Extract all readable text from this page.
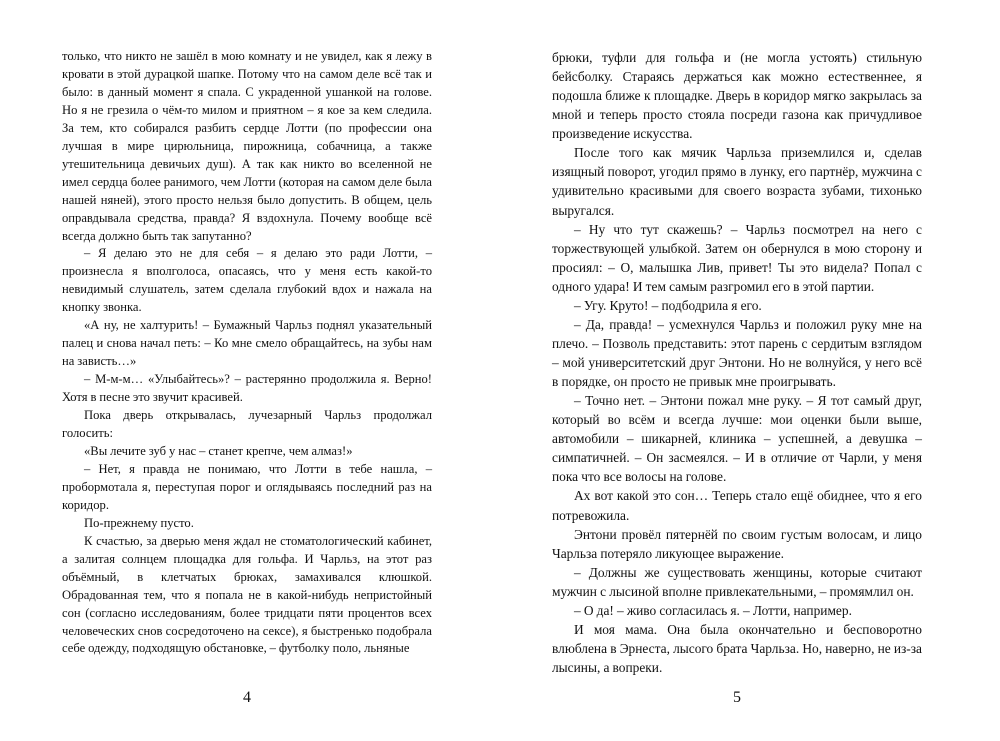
только, что никто не зашёл в мою комнату и не увидел, как я лежу в кровати в этой дурацкой шапке. Потому что на самом деле всё так и было: в данный момент я спала. С украденной ушанкой на голове. Но я не грезила о чём-то милом и приятном – я кое за кем следила. За тем, кто собирался разбить сердце Лотти (по профессии она лучшая в мире цирюльница, пирожница, собачница, а также утешительница девичьих душ). А так как никто во вселенной не имел сердца более ранимого, чем Лотти (которая на самом деле была нашей няней), этого просто нельзя было допустить. В общем, цель оправдывала средства, правда? Я вздохнула. Почему вообще всё всегда должно быть так запутанно?

– Я делаю это не для себя – я делаю это ради Лотти, – произнесла я вполголоса, опасаясь, что у меня есть какой-то невидимый слушатель, затем сделала глубокий вдох и нажала на кнопку звонка.

«А ну, не халтурить! – Бумажный Чарльз поднял указательный палец и снова начал петь: – Ко мне смело обращайтесь, на зубы нам на зависть…»

– М-м-м… «Улыбайтесь»? – растерянно продолжила я. Верно! Хотя в песне это звучит красивей.

Пока дверь открывалась, лучезарный Чарльз продолжал голосить:

«Вы лечите зуб у нас – станет крепче, чем алмаз!»

– Нет, я правда не понимаю, что Лотти в тебе нашла, – пробормотала я, переступая порог и оглядываясь последний раз на коридор.

По-прежнему пусто.

К счастью, за дверью меня ждал не стоматологический кабинет, а залитая солнцем площадка для гольфа. И Чарльз, на этот раз объёмный, в клетчатых брюках, замахивался клюшкой. Обрадованная тем, что я попала не в какой-нибудь непристойный сон (согласно исследованиям, более тридцати пяти процентов всех человеческих снов сосредоточено на сексе), я быстренько подобрала себе одежду, подходящую обстановке, – футболку поло, льняные

4

брюки, туфли для гольфа и (не могла устоять) стильную бейсболку. Стараясь держаться как можно естественнее, я подошла ближе к площадке. Дверь в коридор мягко закрылась за мной и теперь просто стояла посреди газона как причудливое произведение искусства.

После того как мячик Чарльза приземлился и, сделав изящный поворот, угодил прямо в лунку, его партнёр, мужчина с удивительно красивыми для своего возраста зубами, тихонько выругался.

– Ну что тут скажешь? – Чарльз посмотрел на него с торжествующей улыбкой. Затем он обернулся в мою сторону и просиял: – О, малышка Лив, привет! Ты это видела? Попал с одного удара! И тем самым разгромил его в этой партии.

– Угу. Круто! – подбодрила я его.

– Да, правда! – усмехнулся Чарльз и положил руку мне на плечо. – Позволь представить: этот парень с сердитым взглядом – мой университетский друг Энтони. Но не волнуйся, у него всё в порядке, он просто не привык мне проигрывать.

– Точно нет. – Энтони пожал мне руку. – Я тот самый друг, который во всём и всегда лучше: мои оценки были выше, автомобили – шикарней, клиника – успешней, а девушка – симпатичней. – Он засмеялся. – И в отличие от Чарли, у меня пока что все волосы на голове.

Ах вот какой это сон… Теперь стало ещё обиднее, что я его потревожила.

Энтони провёл пятернёй по своим густым волосам, и лицо Чарльза потеряло ликующее выражение.

– Должны же существовать женщины, которые считают мужчин с лысиной вполне привлекательными, – промямлил он.

– О да! – живо согласилась я. – Лотти, например.

И моя мама. Она была окончательно и бесповоротно влюблена в Эрнеста, лысого брата Чарльза. Но, наверно, не из-за лысины, а вопреки.

5
